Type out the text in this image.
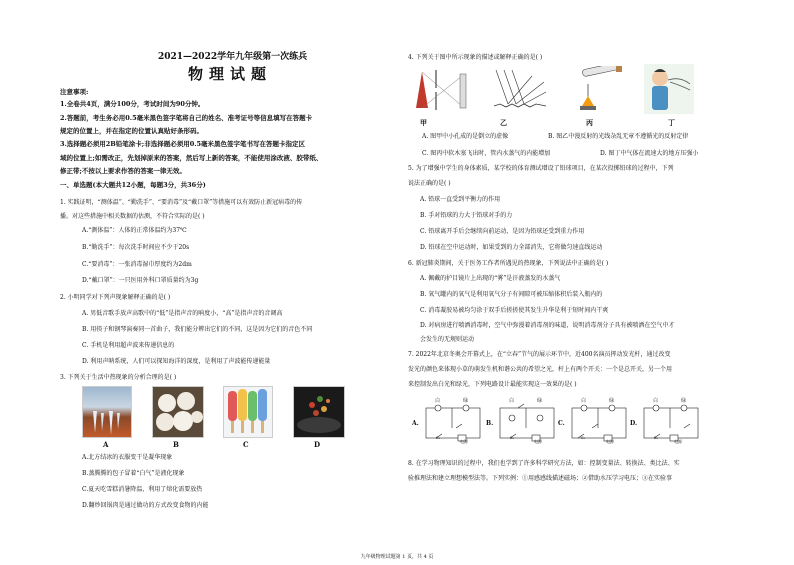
2021—2022学年九年级第一次练兵
物理试题
注意事项:
1.全卷共4页，满分100分，考试时间为90分钟。
2.答题前，考生务必用0.5毫米黑色签字笔将自己的姓名、准考证号等信息填写在答题卡
规定的位置上，并在指定的位置认真贴好条形码。
3.选择题必须用2B铅笔涂卡;非选择题必须用0.5毫米黑色签字笔书写在答题卡指定区
域的位置上;如需改正，先划掉原来的答案，然后写上新的答案，不能使用涂改液、胶带纸、
修正带;不按以上要求作答的答案一律无效。
一、单选题(本大题共12小题，每题3分，共36分)
1. 实践证明，“测体温”、“勤洗手”、“要消毒”及“戴口罩”等措施可以有效防止新冠病毒的传
播。对这些措施中相关数据的估测，不符合实际的是( )
A.“测体温”：人体的正常体温约为37℃
B.“勤洗手”：每次洗手时间应不少于20s
C.“要消毒”：一张消毒湿巾厚度约为2dm
D.“戴口罩”：一只医用外科口罩质量约为3g
2. 小明同学对下列声现象解释正确的是( )
A. 男低音歌手放声高歌中的“低”是指声音的响度小，“高”是指声音的音调高
B. 用筷子和钢琴演奏同一首曲子，我们能分辨出它们的不同，这是因为它们的音色不同
C. 手机是利用超声波来传递信息的
D. 利用声呐系统，人们可以探知海洋的深度，是利用了声波能传递能量
3. 下列关于生活中热现象的分析合理的是( )
A	B	C	D
A.北方结冰的衣服变干是凝华现象
B.蒸腾腾的包子冒着“白气”是液化现象
C.夏天吃雪糕消暑降温，利用了熔化需要放热
D.翻炒回锅肉是通过做功的方式改变食物的内能
4. 下列关于图中所示现象的描述或解释正确的是( )
甲	乙	丙	丁
A. 图甲中小孔成的是倒立的虚像	B. 图乙中漫反射的光线杂乱无章不遵循光的反射定律
C. 图丙中软木塞飞出时，管内水蒸气的内能增加	D. 图丁中气体在流速大的地方压强小
5. 为了增强中学生的身体素质，某学校的体育测试增设了铅球项目，在某次投掷铅球的过程中，下列
说法正确的是( )
A. 铅球一直受到平衡力的作用
B. 手对铅球的力大于铅球对手的力
C. 铅球离开手后会继续向前运动，是因为铅球还受到重力作用
D. 铅球在空中运动时，如果受到的力全部消失，它将做匀速直线运动
6. 新冠肺炎期间，关于医务工作者所遇见的热现象，下列说法中正确的是( )
A. 佩戴的护目镜片上出现的“雾”是汗液蒸发的水蒸气
B. 氧气罐内的氧气是利用氧气分子有间隙可被压缩体积后装入瓶内的
C. 消毒凝胶易被均匀涂于双手后搓搓使其发生升华是利于短时间内干爽
D. 对病房进行喷洒消毒时，空气中弥漫着消毒剂的味道，说明消毒剂分子具有被喷洒在空气中才
会发生的无规则运动
7. 2022年北京冬奥会开幕式上，在“立春”节气的展示环节中，近400名演员挥动发光杆，通过改变
发光的颜色来体现小草的萌发生机和谐公共的希望之光，杆上有两个开关：一个是总开关，另一个用
来控制发出白光和绿光，下列电路设计最能实现这一效果的是( )
A.
白	绿
S₁
电源
B.
白	绿
S₁
电源
C.
白	绿
S₁
电源
D.
白	绿
S₁
电源
8. 在学习物理知识的过程中，我们也学到了许多科学研究方法，如：控制变量法、转换法、类比法、实
验推理法和建立理想模型法等。下列实例：①用感感线描述磁场；②借助水压学习电压；③在实验事
九年级物理试题第 1 页，共 4 页
